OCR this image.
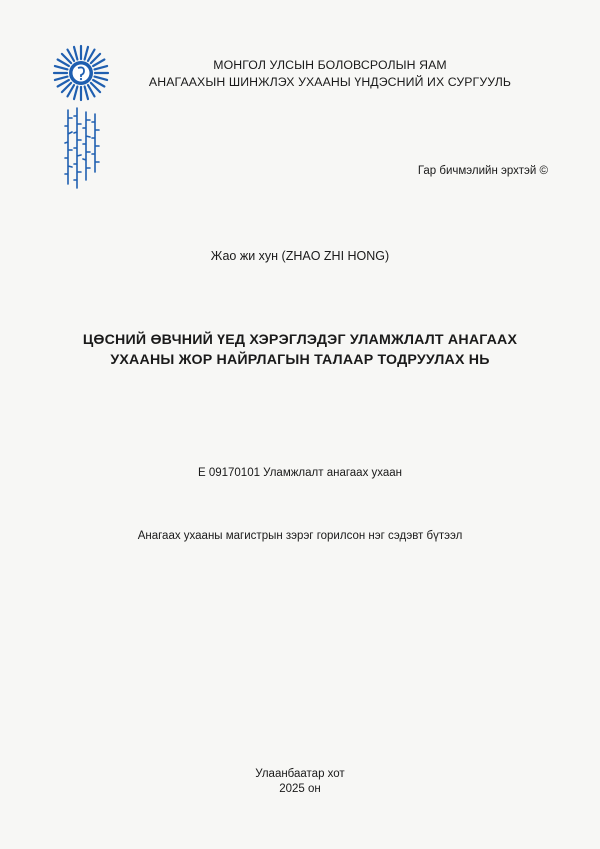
МОНГОЛ УЛСЫН БОЛОВСРОЛЫН ЯАМ
АНАГААХЫН ШИНЖЛЭХ УХААНЫ ҮНДЭСНИЙ ИХ СУРГУУЛЬ
Гар бичмэлийн эрхтэй ©
Жао жи хун (ZHAO ZHI HONG)
ЦӨСНИЙ ӨВЧНИЙ ҮЕД ХЭРЭГЛЭДЭГ УЛАМЖЛАЛТ АНАГААХ
УХААНЫ ЖОР НАЙРЛАГЫН ТАЛААР ТОДРУУЛАХ НЬ
E 09170101 Уламжлалт анагаах ухаан
Анагаах ухааны магистрын зэрэг горилсон нэг сэдэвт бүтээл
Улаанбаатар хот
2025 он
